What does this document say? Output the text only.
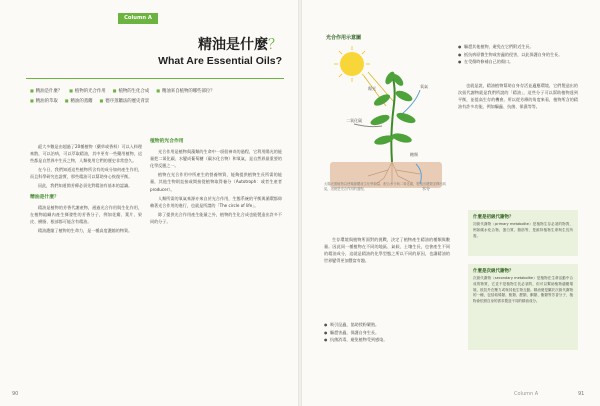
Column A
精油是什麼？
What Are Essential Oils?
■ 精油是什麼？	■ 植物的光合作用	■ 植物的生化合成	■ 精油來自植物的哪些部位？
■ 精油的萃取	■ 精油的蒸餾	■ 德序蒸餾法的歷史背景

絕大多數是由超過了20種植物（藥草或香料）可以入料理來散，可以治病，可以萃取精油，其中更有一些藥用植物，這些都是自然界中生長之物，人類使用它們的歷史非常悠久。

在今日，我們知道這些植物所含有的成分如何產生作用，而且科學研究也證實，那些精油可以幫助身心恢復平衡。

因此，我們知道開芳療必須先對精油有基本的認識。

精油是什麼？

精油是植物的芳香代謝產物，通過光合作用與生化作用，在植物組織內產生揮發性的芳香分子，例如花瓣、葉片、果皮、樹脂、根部都可能含有精油。

精油濃縮了植物的生命力，是一種高度濃縮的物質。

植物的光合作用

光合作用是植物與藻類的生命中一項很神奇的過程，它利用陽光的能量把二氧化碳、水變成葡萄糖（碳水化合物）和氧氣，是自然界最重要的化學反應之一。

植物在光合作用中所產生的營養物質，能夠提供植物生長所需的能量，其他生物則直接或間接從植物取得養分（Autotroph：或者生產者 producer）。

人類所需的氧氣來源亦來自於光合作用，生態系統的平衡與循環都仰賴著光合作用的進行，也就是所謂的「The circle of life」。

除了提供光合作用產生能量之外，植物的生化合成也能製造出許多不同的分子。

90
光合作用示意圖
陽光
二氧化碳
氧氣
水分
糖類
太陽光照植物以使葉綠體產生化學能量，配合水分與二氧化碳，製造出糖類並釋出氧氣，這就是光合作用的過程。
● 驅趕其他植物，避免在它們附近生長。
● 抵抗病原微生物或害蟲的侵害，以此保護自身的生長。
● 在受傷時修補自己的傷口。

也就是說，精油植物幫助自身存活並適應環境，它們製造出的次級代謝物就是我們所說的「精油」，這些分子可以幫助植物達到平衡，並提高生存的機會。所以從芳療的角度來看，植物所含的精油有許多功能，例如驅蟲、抗菌、保濕等等。

生存環境與植物所面對的挑戰，決定了植物產生精油的種類與數量。因此同一種植物在不同的地區、氣候、土壤生長，也會產生不同的精油成分，這就是精油的化學型態之所以不同的原因，也讓精油的世界變得更加豐富有趣。

● 吸引昆蟲，協助授粉繁殖。
● 驅趕害蟲，保護自身生長。
● 抗菌消毒，避免植物受到感染。
什麼是初級代謝物？
初級代謝物（primary metabolite）是植物生存必須的物質，例如碳水化合物、蛋白質、脂肪等，是維持植物生命與生長所需。
什麼是次級代謝物？
次級代謝物（secondary metabolite）是植物在生命活動中合成的物質，它並不是植物生長必須的，但可以幫助植物適應環境、抵抗外在壓力或與其他生物互動。精油便是屬於次級代謝物的一種，包括萜烯類、酚類、醛類、酮類、酯類等芳香分子，植物會依照自身的需求製造不同的精油成分。
Column A	91
